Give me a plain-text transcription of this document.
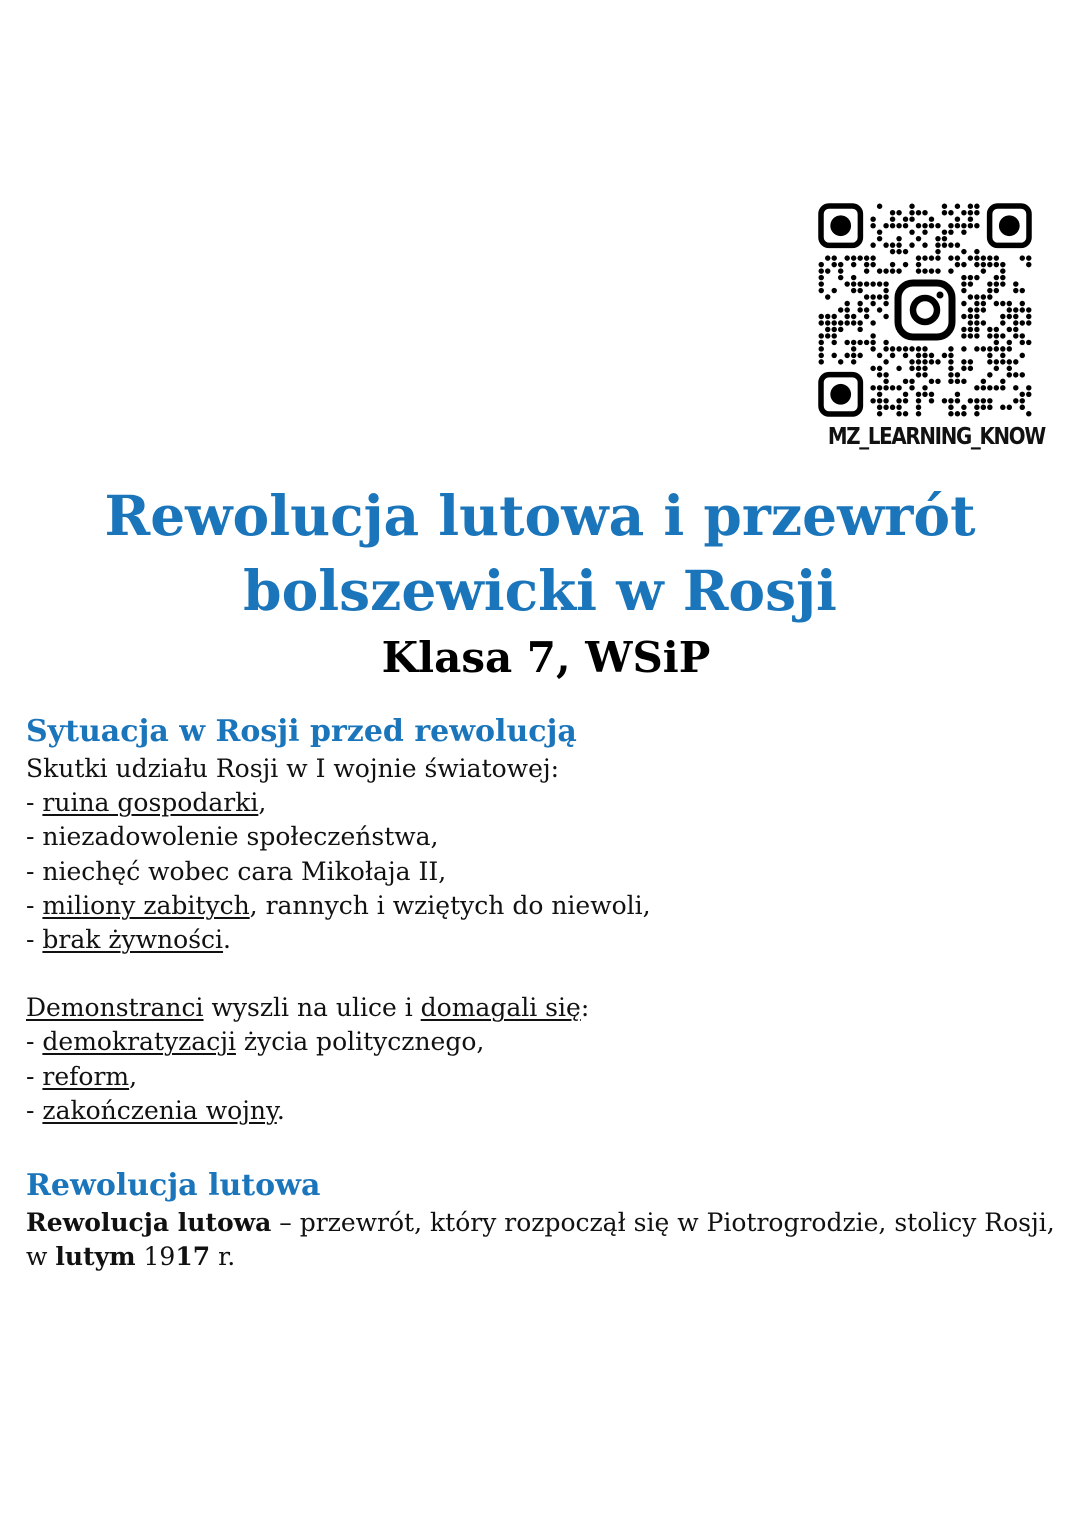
MZ_LEARNING_KNOW
Rewolucja lutowa i przewrót
bolszewicki w Rosji
Klasa 7, WSiP
Sytuacja w Rosji przed rewolucją

Skutki udziału Rosji w I wojnie światowej:

- ruina gospodarki,

- niezadowolenie społeczeństwa,

- niechęć wobec cara Mikołaja II,

- miliony zabitych, rannych i wziętych do niewoli,

- brak żywności.

Demonstranci wyszli na ulice i domagali się:

- demokratyzacji życia politycznego,

- reform,

- zakończenia wojny.

Rewolucja lutowa

Rewolucja lutowa – przewrót, który rozpoczął się w Piotrogrodzie, stolicy Rosji, w lutym 1917 r.
